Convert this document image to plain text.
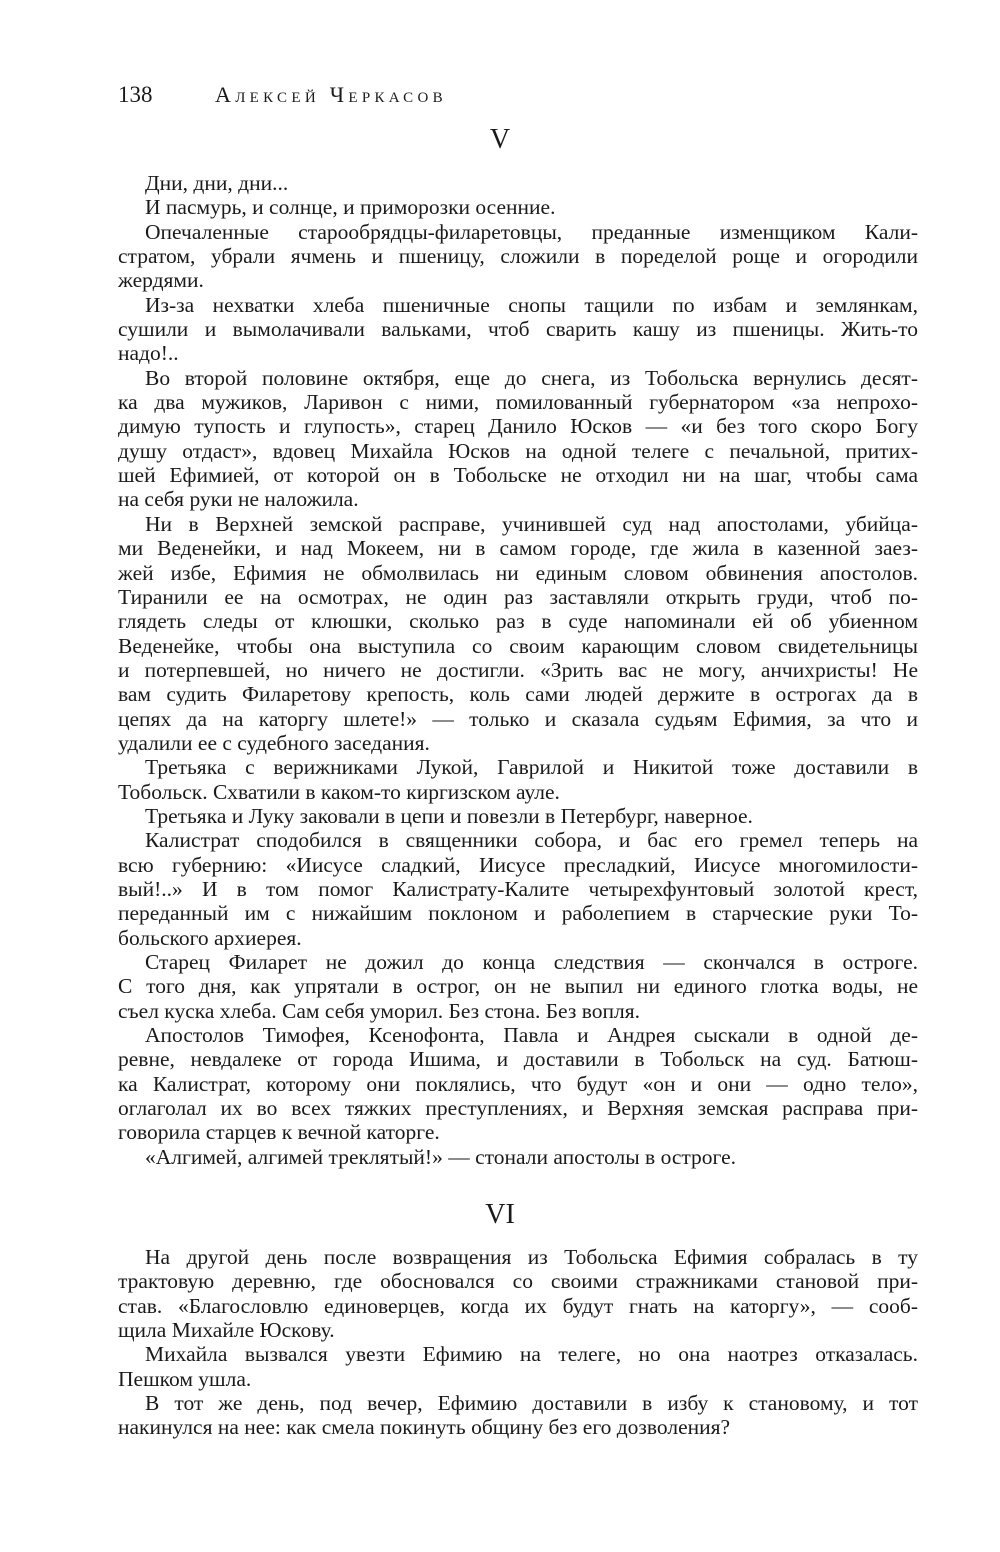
138	Алексей Черкасов
V
Дни, дни, дни...
И пасмурь, и солнце, и приморозки осенние.
Опечаленные старообрядцы-филаретовцы, преданные изменщиком Кали-
стратом, убрали ячмень и пшеницу, сложили в поределой роще и огородили
жердями.
Из-за нехватки хлеба пшеничные снопы тащили по избам и землянкам,
сушили и вымолачивали вальками, чтоб сварить кашу из пшеницы. Жить-то
надо!..
Во второй половине октября, еще до снега, из Тобольска вернулись десят-
ка два мужиков, Ларивон с ними, помилованный губернатором «за непрохо-
димую тупость и глупость», старец Данило Юсков — «и без того скоро Богу
душу отдаст», вдовец Михайла Юсков на одной телеге с печальной, притих-
шей Ефимией, от которой он в Тобольске не отходил ни на шаг, чтобы сама
на себя руки не наложила.
Ни в Верхней земской расправе, учинившей суд над апостолами, убийца-
ми Веденейки, и над Мокеем, ни в самом городе, где жила в казенной заез-
жей избе, Ефимия не обмолвилась ни единым словом обвинения апостолов.
Тиранили ее на осмотрах, не один раз заставляли открыть груди, чтоб по-
глядеть следы от клюшки, сколько раз в суде напоминали ей об убиенном
Веденейке, чтобы она выступила со своим карающим словом свидетельницы
и потерпевшей, но ничего не достигли. «Зрить вас не могу, анчихристы! Не
вам судить Филаретову крепость, коль сами людей держите в острогах да в
цепях да на каторгу шлете!» — только и сказала судьям Ефимия, за что и
удалили ее с судебного заседания.
Третьяка с верижниками Лукой, Гаврилой и Никитой тоже доставили в
Тобольск. Схватили в каком-то киргизском ауле.
Третьяка и Луку заковали в цепи и повезли в Петербург, наверное.
Калистрат сподобился в священники собора, и бас его гремел теперь на
всю губернию: «Иисусе сладкий, Иисусе пресладкий, Иисусе многомилости-
вый!..» И в том помог Калистрату-Калите четырехфунтовый золотой крест,
переданный им с нижайшим поклоном и раболепием в старческие руки То-
больского архиерея.
Старец Филарет не дожил до конца следствия — скончался в остроге.
С того дня, как упрятали в острог, он не выпил ни единого глотка воды, не
съел куска хлеба. Сам себя уморил. Без стона. Без вопля.
Апостолов Тимофея, Ксенофонта, Павла и Андрея сыскали в одной де-
ревне, невдалеке от города Ишима, и доставили в Тобольск на суд. Батюш-
ка Калистрат, которому они поклялись, что будут «он и они — одно тело»,
оглаголал их во всех тяжких преступлениях, и Верхняя земская расправа при-
говорила старцев к вечной каторге.
«Алгимей, алгимей треклятый!» — стонали апостолы в остроге.
VI
На другой день после возвращения из Тобольска Ефимия собралась в ту
трактовую деревню, где обосновался со своими стражниками становой при-
став. «Благословлю единоверцев, когда их будут гнать на каторгу», — сооб-
щила Михайле Юскову.
Михайла вызвался увезти Ефимию на телеге, но она наотрез отказалась.
Пешком ушла.
В тот же день, под вечер, Ефимию доставили в избу к становому, и тот
накинулся на нее: как смела покинуть общину без его дозволения?
